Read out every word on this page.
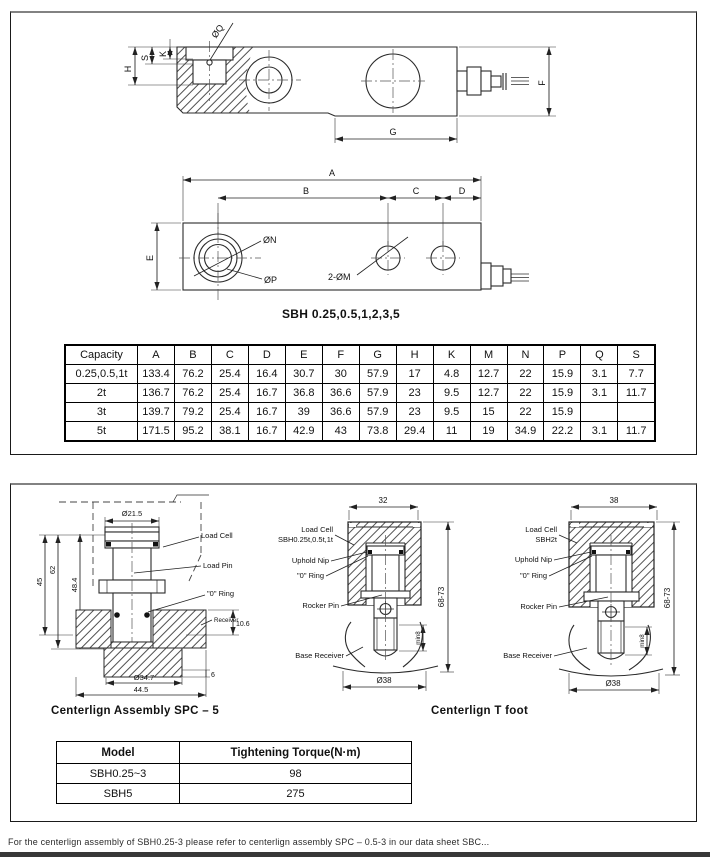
H
S
K
ØQ
F
G
A
B	C	D
E
ØN
ØP	2-ØM
SBH 0.25,0.5,1,2,3,5
Capacity	A	B	C	D	E	F	G	H	K	M	N	P	Q	S
0.25,0.5,1t	133.4	76.2	25.4	16.4	30.7	30	57.9	17	4.8	12.7	22	15.9	3.1	7.7
2t	136.7	76.2	25.4	16.7	36.8	36.6	57.9	23	9.5	12.7	22	15.9	3.1	11.7
3t	139.7	79.2	25.4	16.7	39	36.6	57.9	23	9.5	15	22	15.9		
5t	171.5	95.2	38.1	16.7	42.9	43	73.8	29.4	11	19	34.9	22.2	3.1	11.7
Ø21.5
45
62
48.4
10.6
6
Ø34.7
44.5
Load Cell
Load Pin
"0" Ring
Receiver
32
min8
68-73
Ø38
Load Cell
SBH0.25t,0.5t,1t
Uphold Nip
"0" Ring
Rocker Pin
Base Receiver
38
min8
68-73
Ø38
Load Cell
SBH2t
Uphold Nip
"0" Ring
Rocker Pin
Base Receiver
Centerlign Assembly SPC – 5	Centerlign T foot
Model	Tightening Torque(N·m)
SBH0.25~3	98
SBH5	275
For the centerlign assembly of SBH0.25-3 please refer to centerlign assembly SPC – 0.5-3 in our data sheet SBC...
